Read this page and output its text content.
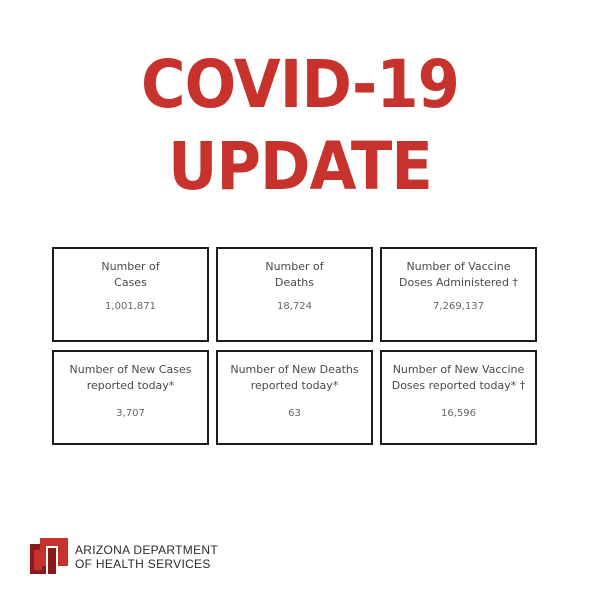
COVID-19
UPDATE
Number of
Cases
1,001,871
Number of
Deaths
18,724
Number of Vaccine
Doses Administered †
7,269,137
Number of New Cases
reported today*
3,707
Number of New Deaths
reported today*
63
Number of New Vaccine
Doses reported today* †
16,596
ARIZONA DEPARTMENT
OF HEALTH SERVICES
